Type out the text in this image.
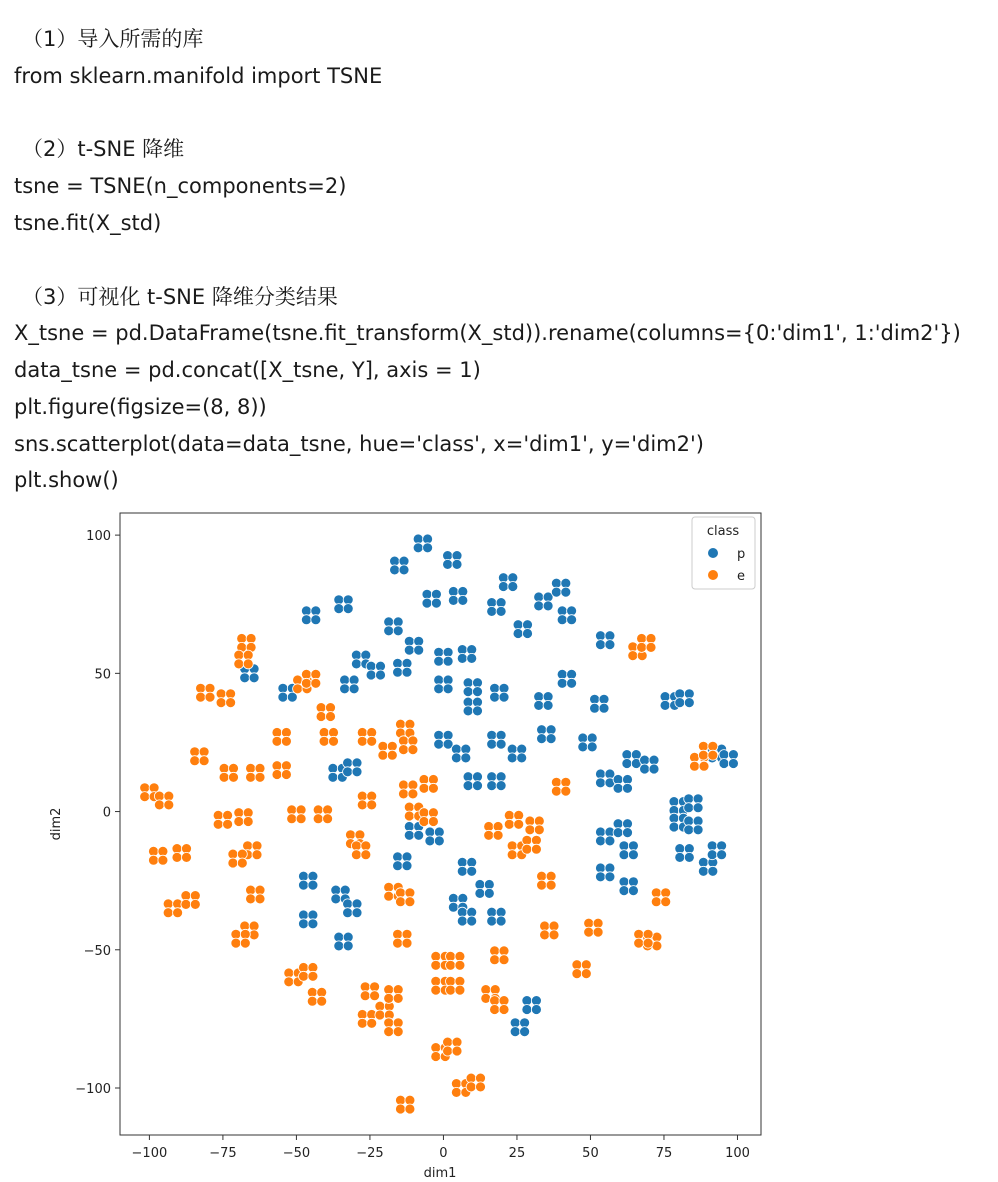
（1）导入所需的库
from sklearn.manifold import TSNE
（2）t-SNE 降维
tsne = TSNE(n_components=2)
tsne.fit(X_std)
（3）可视化 t-SNE 降维分类结果
X_tsne = pd.DataFrame(tsne.fit_transform(X_std)).rename(columns={0:'dim1', 1:'dim2'})
data_tsne = pd.concat([X_tsne, Y], axis = 1)
plt.figure(figsize=(8, 8))
sns.scatterplot(data=data_tsne, hue='class', x='dim1', y='dim2')
plt.show()
−100	−75	−50	−25	0	25	50	75	100
100
50
0
−50
−100
dim1
dim2
class
p
e
